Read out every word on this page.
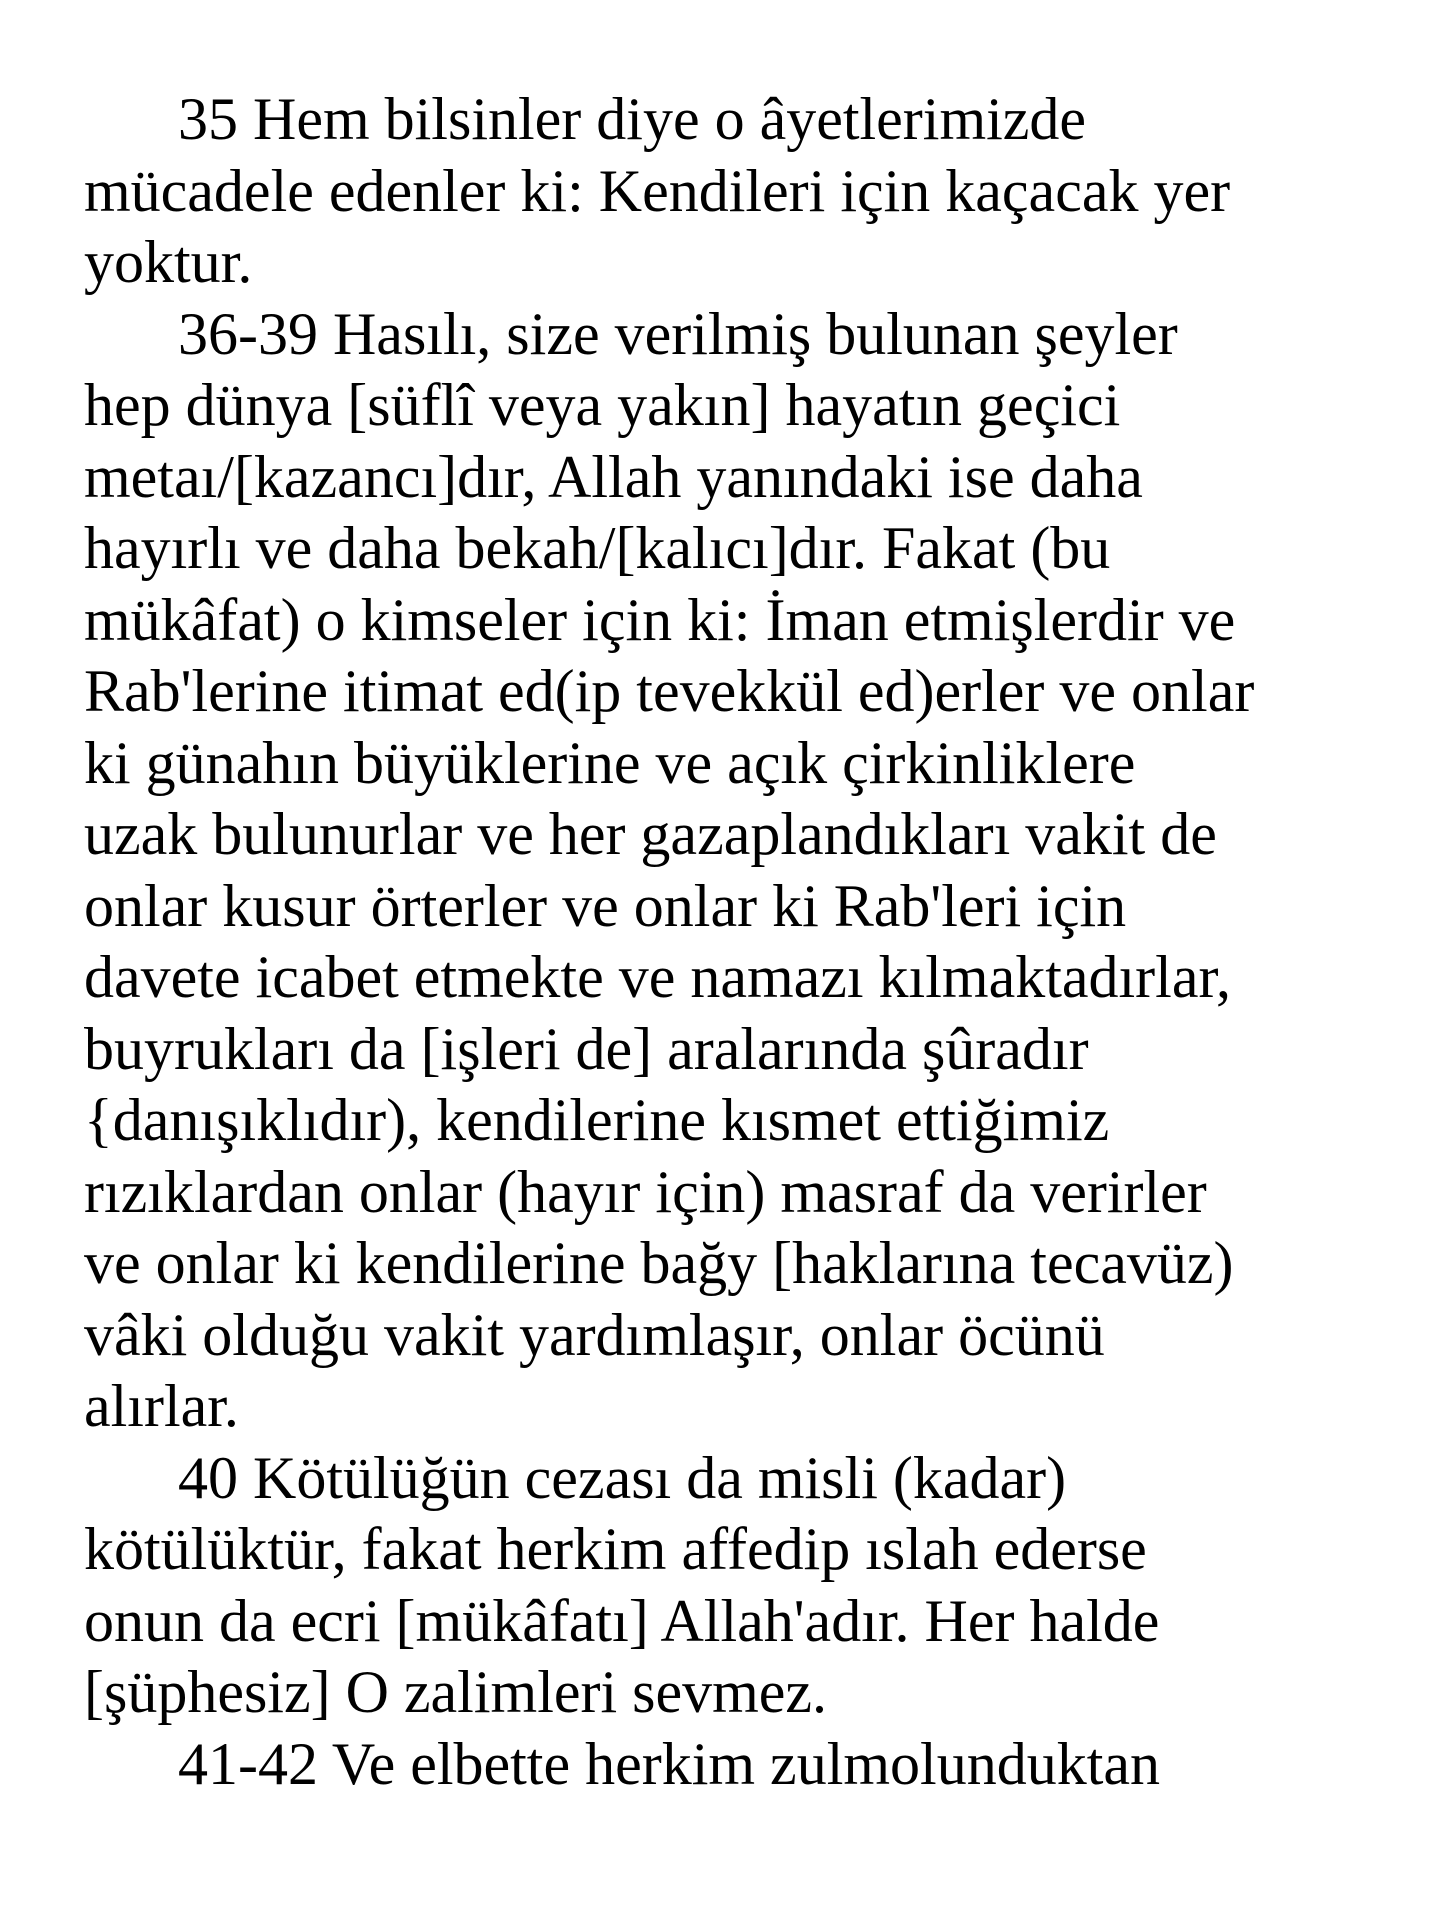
35 Hem bilsinler diye o âyetlerimizde
mücadele edenler ki: Kendileri için kaçacak yer
yoktur.
36-39 Hasılı, size verilmiş bulunan şeyler
hep dünya [süflî veya yakın] hayatın geçici
metaı/[kazancı]dır, Allah yanındaki ise daha
hayırlı ve daha bekah/[kalıcı]dır. Fakat (bu
mükâfat) o kimseler için ki: İman etmişlerdir ve
Rab'lerine itimat ed(ip tevekkül ed)erler ve onlar
ki günahın büyüklerine ve açık çirkinliklere
uzak bulunurlar ve her gazaplandıkları vakit de
onlar kusur örterler ve onlar ki Rab'leri için
davete icabet etmekte ve namazı kılmaktadırlar,
buyrukları da [işleri de] aralarında şûradır
{danışıklıdır), kendilerine kısmet ettiğimiz
rızıklardan onlar (hayır için) masraf da verirler
ve onlar ki kendilerine bağy [haklarına tecavüz)
vâki olduğu vakit yardımlaşır, onlar öcünü
alırlar.
40 Kötülüğün cezası da misli (kadar)
kötülüktür, fakat herkim affedip ıslah ederse
onun da ecri [mükâfatı] Allah'adır. Her halde
[şüphesiz] O zalimleri sevmez.
41-42 Ve elbette herkim zulmolunduktan
